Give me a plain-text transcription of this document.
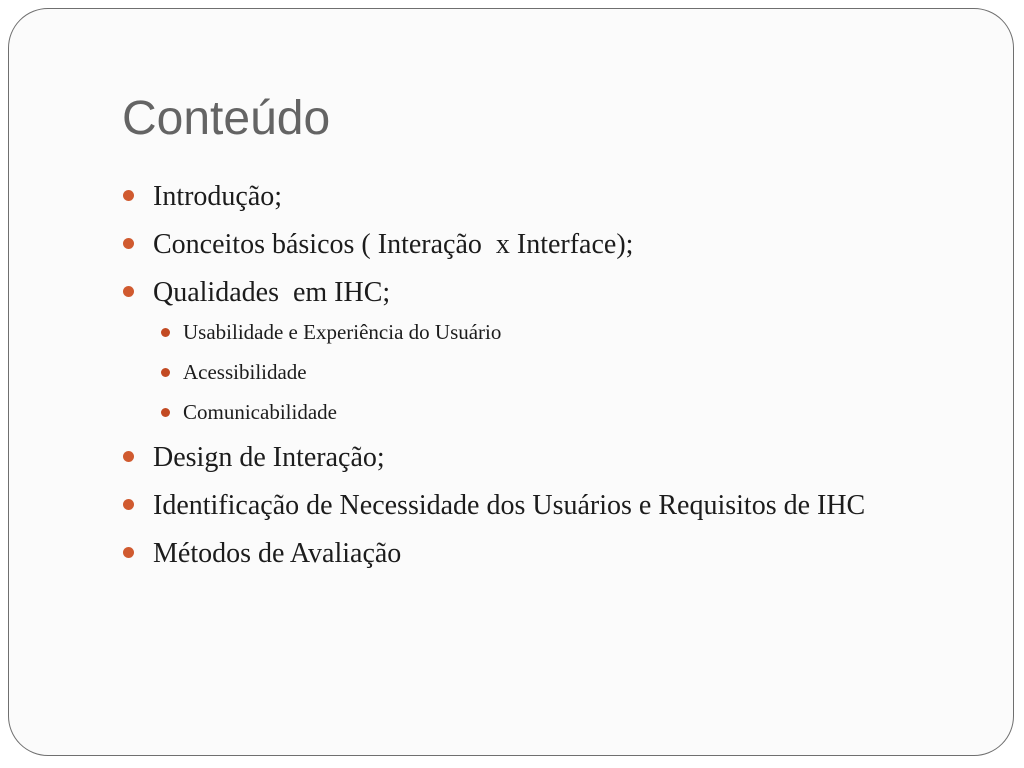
Conteúdo
Introdução;
Conceitos básicos ( Interação  x Interface);
Qualidades  em IHC;
Usabilidade e Experiência do Usuário
Acessibilidade
Comunicabilidade
Design de Interação;
Identificação de Necessidade dos Usuários e Requisitos de IHC
Métodos de Avaliação
